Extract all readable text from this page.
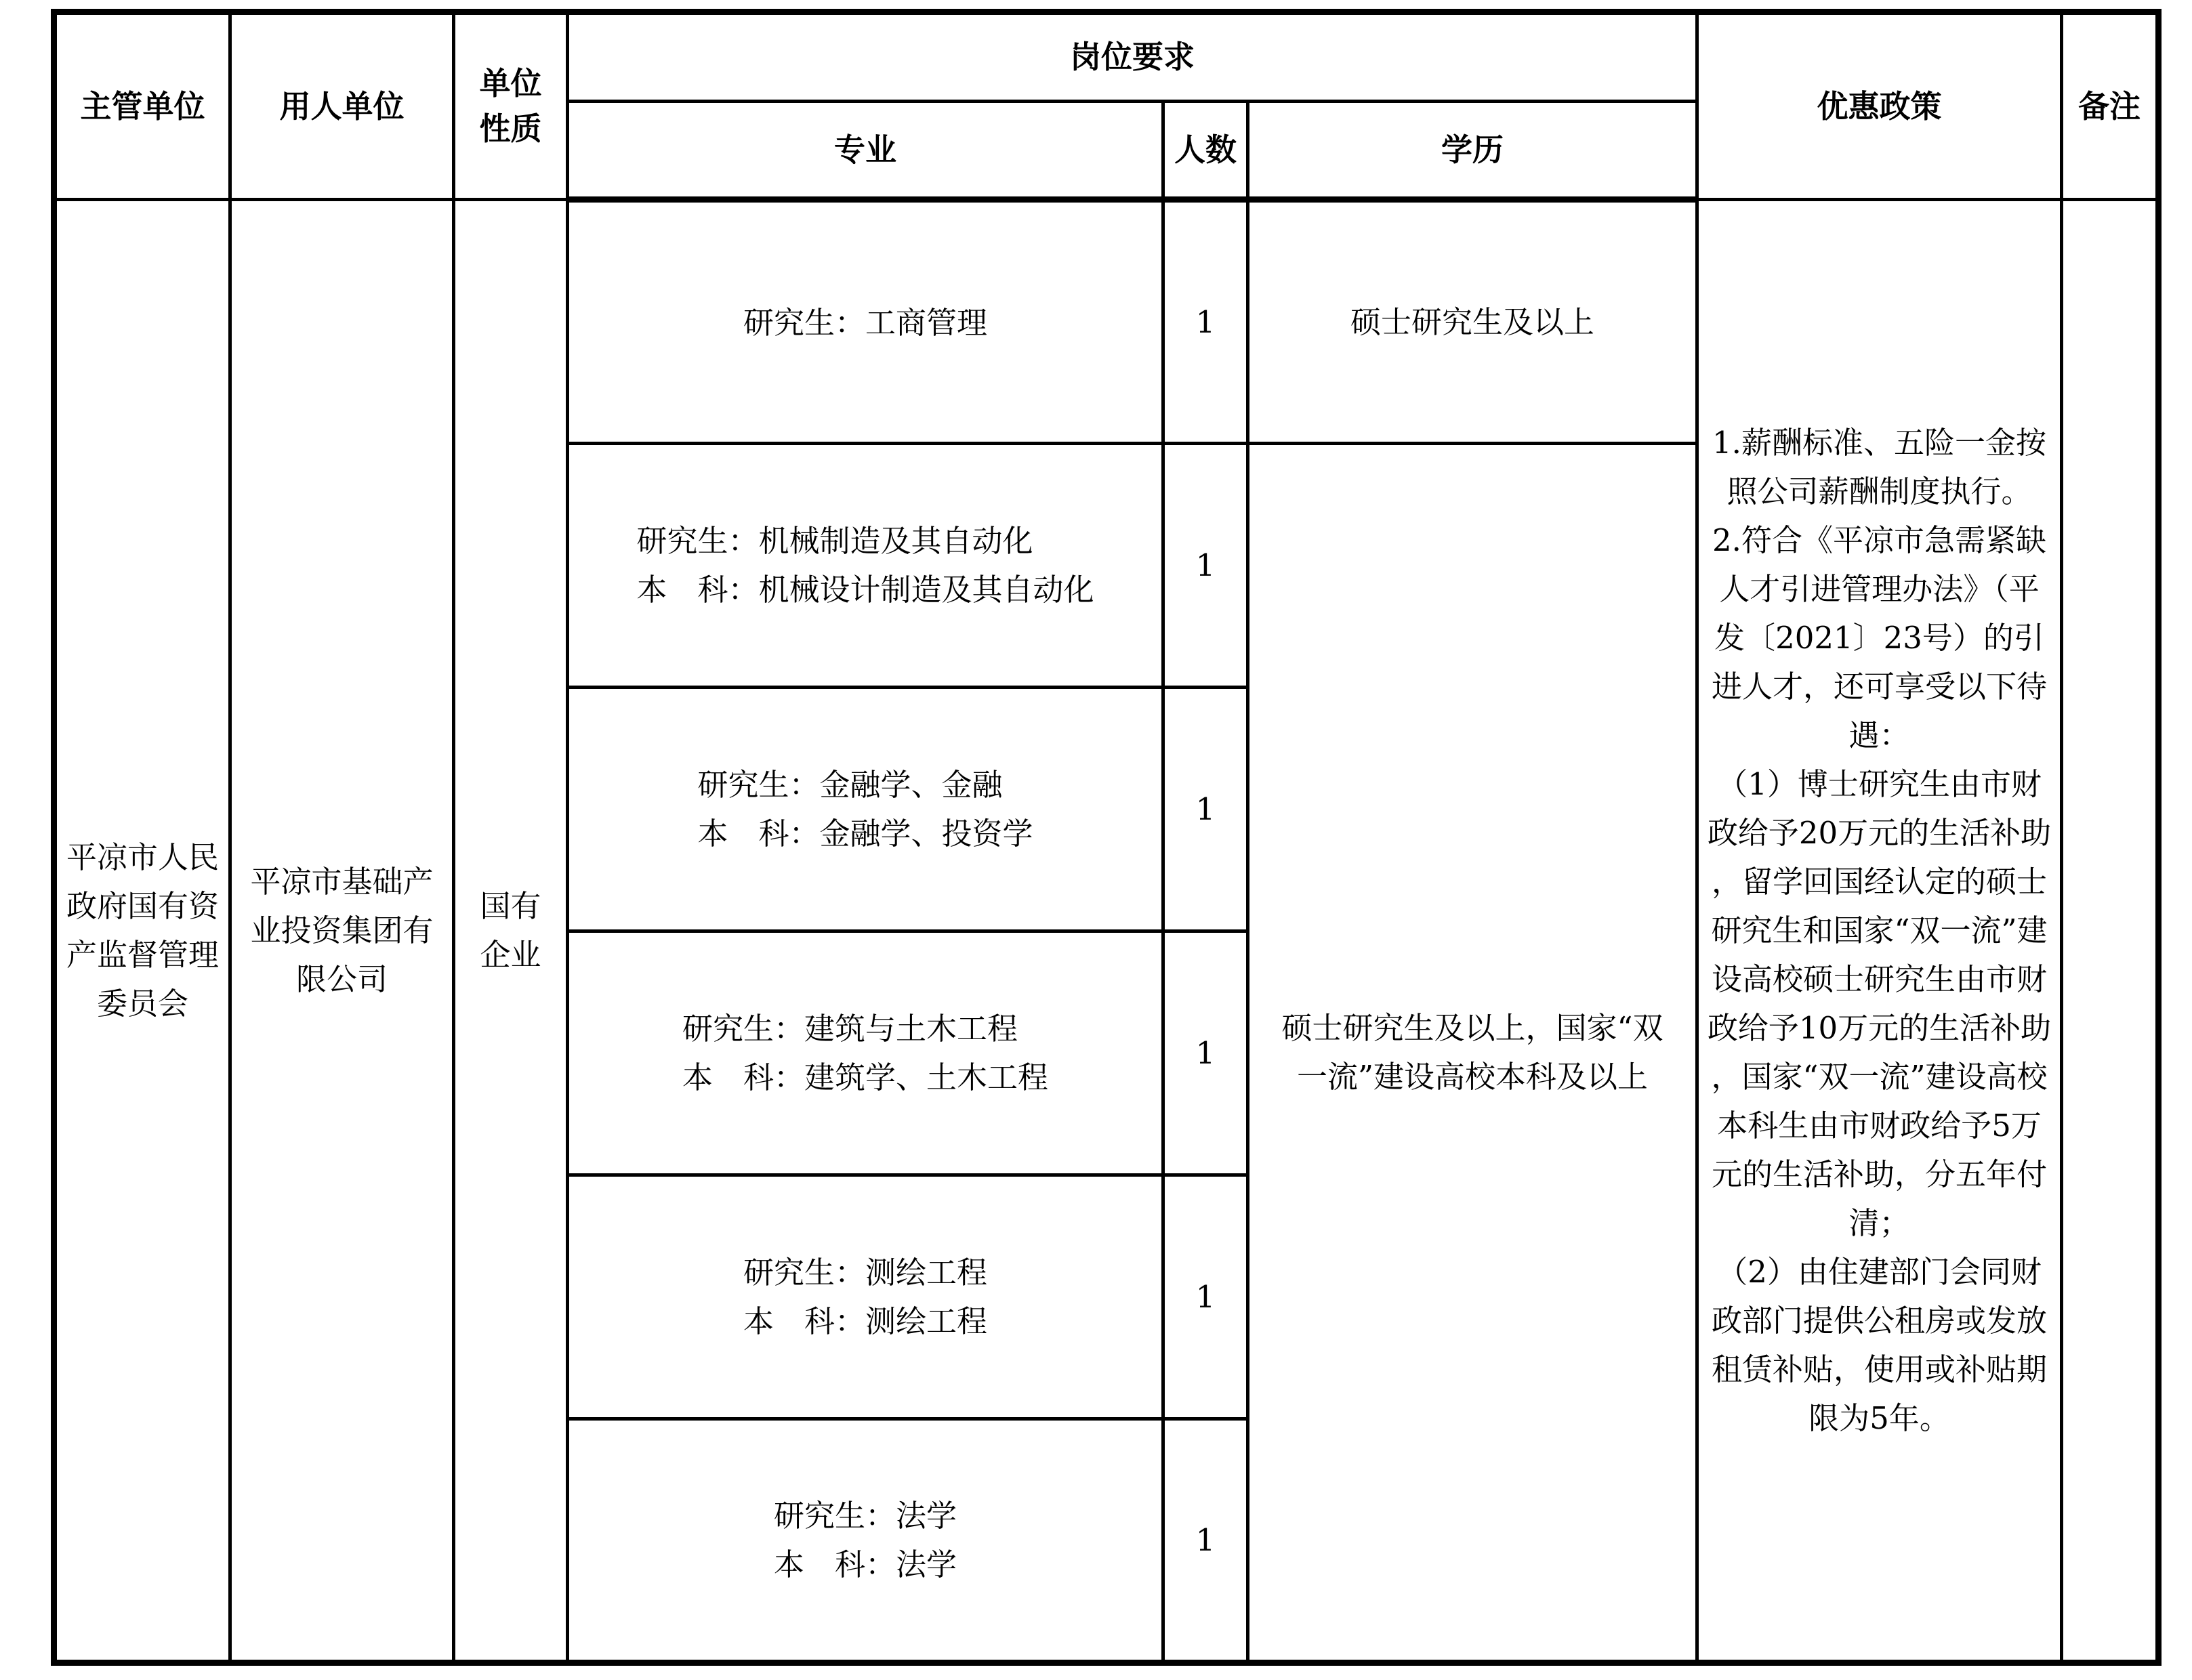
主管单位	用人单位	单位性质	岗位要求			优惠政策	备注
			专业	人数	学历		
平凉市人民政府国有资产监督管理委员会	平凉市基础产业投资集团有限公司	国有企业	研究生：工商管理	1	硕士研究生及以上	1.薪酬标准、五险一金按照公司薪酬制度执行。

2.符合《平凉市急需紧缺人才引进管理办法》（平发〔2021〕23号）的引进人才，还可享受以下待遇：

（1）博士研究生由市财政给予20万元的生活补助，留学回国经认定的硕士研究生和国家“双一流”建设高校硕士研究生由市财政给予10万元的生活补助，国家“双一流”建设高校本科生由市财政给予5万元的生活补助，分五年付清；

（2）由住建部门会同财政部门提供公租房或发放租赁补贴，使用或补贴期限为5年。	

			研究生：机械制造及其自动化
本　科：机械设计制造及其自动化	1	硕士研究生及以上，国家“双一流”建设高校本科及以上		

			研究生：金融学、金融
本　科：金融学、投资学	1			

			研究生：建筑与土木工程
本　科：建筑学、土木工程	1			

			研究生：测绘工程
本　科：测绘工程	1			

			研究生：法学
本　科：法学	1			
